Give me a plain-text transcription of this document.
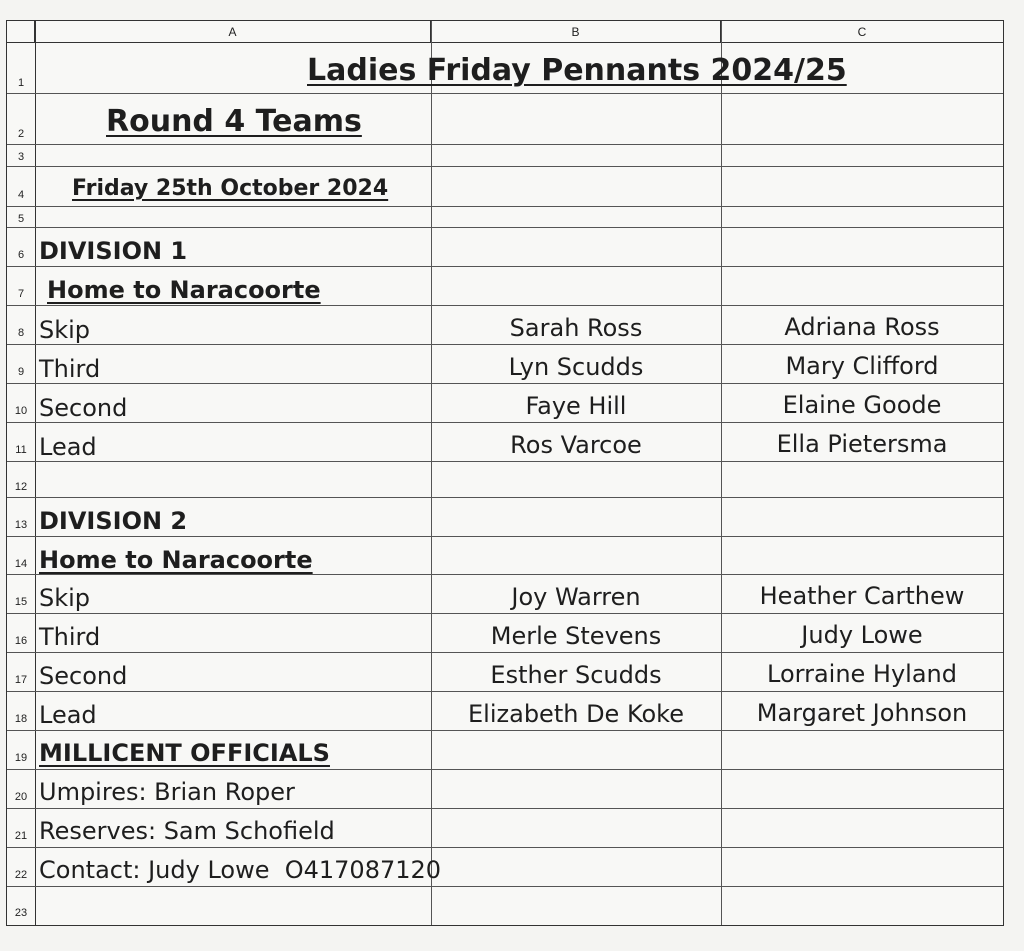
A	B	C
1
2
3
4
5
6
7
8
9
10
11
12
13
14
15
16
17
18
19
20
21
22
23
Ladies Friday Pennants 2024/25
Round 4 Teams
Friday 25th October 2024
DIVISION 1
Home to Naracoorte
Skip	Sarah Ross	Adriana Ross
Third	Lyn Scudds	Mary Clifford
Second	Faye Hill	Elaine Goode
Lead	Ros Varcoe	Ella Pietersma
DIVISION 2
Home to Naracoorte
Skip	Joy Warren	Heather Carthew
Third	Merle Stevens	Judy Lowe
Second	Esther Scudds	Lorraine Hyland
Lead	Elizabeth De Koke	Margaret Johnson
MILLICENT OFFICIALS
Umpires: Brian Roper
Reserves: Sam Schofield
Contact: Judy Lowe  O417087120
